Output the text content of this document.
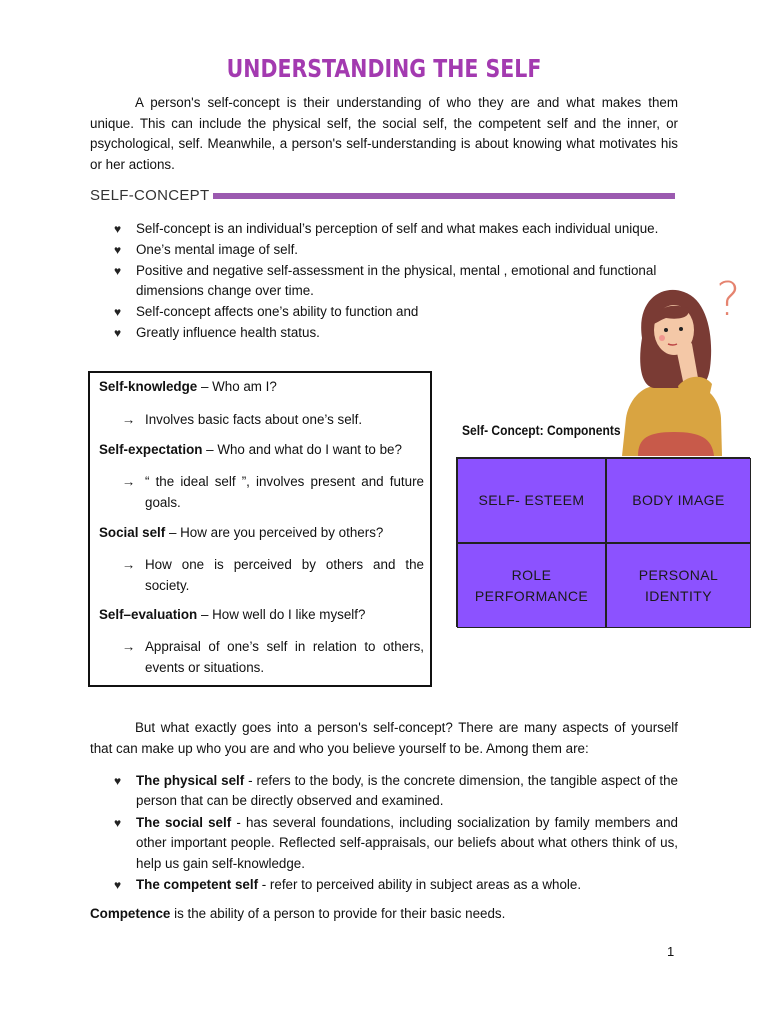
UNDERSTANDING THE SELF

A person's self-concept is their understanding of who they are and what makes them unique. This can include the physical self, the social self, the competent self and the inner, or psychological, self. Meanwhile, a person's self-understanding is about knowing what motivates his or her actions.

SELF-CONCEPT
♥ Self-concept is an individual’s perception of self and what makes each individual unique.
♥ One’s mental image of self.
♥ Positive and negative self-assessment in the physical, mental , emotional and functional dimensions change over time.
♥ Self-concept affects one’s ability to function and
♥ Greatly influence health status.
?
Self-knowledge – Who am I?
→ Involves basic facts about one’s self.
Self-expectation – Who and what do I want to be?
→ “ the ideal self ”, involves present and future goals.
Social self – How are you perceived by others?
→ How one is perceived by others and the society.
Self–evaluation – How well do I like myself?
→ Appraisal of one’s self in relation to others, events or situations.
Self- Concept: Components
SELF- ESTEEM	BODY IMAGE
ROLE PERFORMANCE
PERSONAL IDENTITY

But what exactly goes into a person's self-concept? There are many aspects of yourself that can make up who you are and who you believe yourself to be. Among them are:

♥ The physical self - refers to the body, is the concrete dimension, the tangible aspect of the person that can be directly observed and examined.
♥ The social self - has several foundations, including socialization by family members and other important people. Reflected self-appraisals, our beliefs about what others think of us, help us gain self-knowledge.
♥ The competent self - refer to perceived ability in subject areas as a whole.
Competence is the ability of a person to provide for their basic needs.
1
